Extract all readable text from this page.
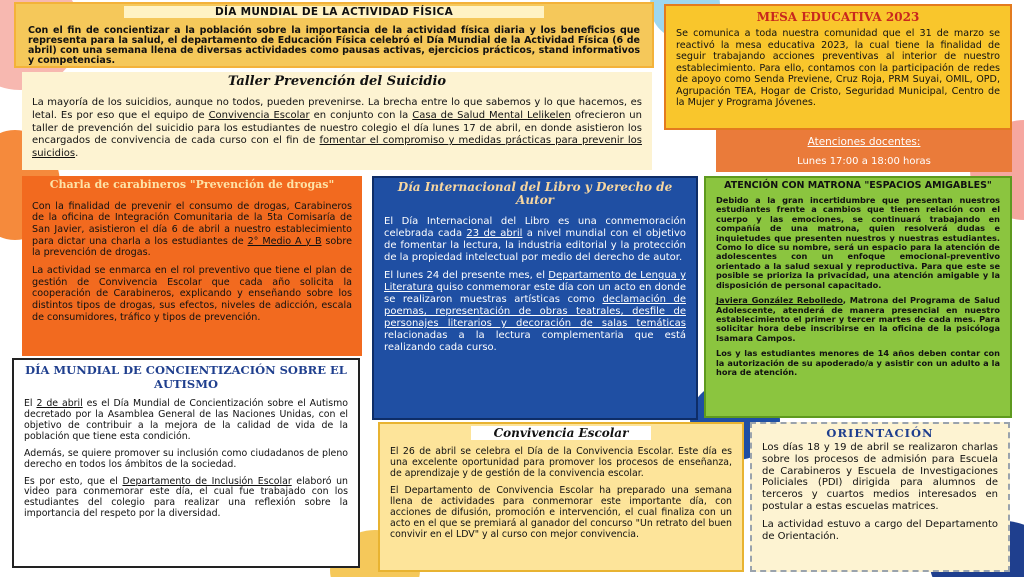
DÍA MUNDIAL DE LA ACTIVIDAD FÍSICA
Con el fin de concientizar a la población sobre la importancia de la actividad física diaria y los beneficios que representa para la salud, el departamento de Educación Física celebró el Día Mundial de la Actividad Física (6 de abril) con una semana llena de diversas actividades como pausas activas, ejercicios prácticos, stand informativos y competencias.
Taller Prevención del Suicidio
La mayoría de los suicidios, aunque no todos, pueden prevenirse. La brecha entre lo que sabemos y lo que hacemos, es letal. Es por eso que el equipo de Convivencia Escolar en conjunto con la Casa de Salud Mental Lelikelen ofrecieron un taller de prevención del suicidio para los estudiantes de nuestro colegio el día lunes 17 de abril, en donde asistieron los encargados de convivencia de cada curso con el fin de fomentar el compromiso y medidas prácticas para prevenir los suicidios.
MESA EDUCATIVA 2023
Se comunica a toda nuestra comunidad que el 31 de marzo se reactivó la mesa educativa 2023, la cual tiene la finalidad de seguir trabajando acciones preventivas al interior de nuestro establecimiento. Para ello, contamos con la participación de redes de apoyo como Senda Previene, Cruz Roja, PRM Suyai, OMIL, OPD, Agrupación TEA, Hogar de Cristo, Seguridad Municipal, Centro de la Mujer y Programa Jóvenes.
Atenciones docentes:
Lunes 17:00 a 18:00 horas
Charla de carabineros "Prevención de drogas"

Con la finalidad de prevenir el consumo de drogas, Carabineros de la oficina de Integración Comunitaria de la 5ta Comisaría de San Javier, asistieron el día 6 de abril a nuestro establecimiento para dictar una charla a los estudiantes de 2° Medio A y B sobre la prevención de drogas.

La actividad se enmarca en el rol preventivo que tiene el plan de gestión de Convivencia Escolar que cada año solicita la cooperación de Carabineros, explicando y enseñando sobre los distintos tipos de drogas, sus efectos, niveles de adicción, escala de consumidores, tráfico y tipos de prevención.

Día Internacional del Libro y Derecho de Autor

El Día Internacional del Libro es una conmemoración celebrada cada 23 de abril a nivel mundial con el objetivo de fomentar la lectura, la industria editorial y la protección de la propiedad intelectual por medio del derecho de autor.

El lunes 24 del presente mes, el Departamento de Lengua y Literatura quiso conmemorar este día con un acto en donde se realizaron muestras artísticas como declamación de poemas, representación de obras teatrales, desfile de personajes literarios y decoración de salas temáticas relacionadas a la lectura complementaria que está realizando cada curso.

ATENCIÓN CON MATRONA "ESPACIOS AMIGABLES"

Debido a la gran incertidumbre que presentan nuestros estudiantes frente a cambios que tienen relación con el cuerpo y las emociones, se continuará trabajando en compañía de una matrona, quien resolverá dudas e inquietudes que presenten nuestros y nuestras estudiantes. Como lo dice su nombre, será un espacio para la atención de adolescentes con un enfoque emocional-preventivo orientado a la salud sexual y reproductiva. Para que este se posible se prioriza la privacidad, una atención amigable y la disposición de personal capacitado.

Javiera González Rebolledo, Matrona del Programa de Salud Adolescente, atenderá de manera presencial en nuestro establecimiento el primer y tercer martes de cada mes. Para solicitar hora debe inscribirse en la oficina de la psicóloga Isamara Campos.

Los y las estudiantes menores de 14 años deben contar con la autorización de su apoderado/a y asistir con un adulto a la hora de atención.

DÍA MUNDIAL DE CONCIENTIZACIÓN SOBRE EL AUTISMO

El 2 de abril es el Día Mundial de Concientización sobre el Autismo decretado por la Asamblea General de las Naciones Unidas, con el objetivo de contribuir a la mejora de la calidad de vida de la población que tiene esta condición.

Además, se quiere promover su inclusión como ciudadanos de pleno derecho en todos los ámbitos de la sociedad.

Es por esto, que el Departamento de Inclusión Escolar elaboró un video para conmemorar este día, el cual fue trabajado con los estudiantes del colegio para realizar una reflexión sobre la importancia del respeto por la diversidad.

Convivencia Escolar

El 26 de abril se celebra el Día de la Convivencia Escolar. Este día es una excelente oportunidad para promover los procesos de enseñanza, de aprendizaje y de gestión de la convivencia escolar.

El Departamento de Convivencia Escolar ha preparado una semana llena de actividades para conmemorar este importante día, con acciones de difusión, promoción e intervención, el cual finaliza con un acto en el que se premiará al ganador del concurso "Un retrato del buen convivir en el LDV" y al curso con mejor convivencia.

ORIENTACIÓN

Los días 18 y 19 de abril se realizaron charlas sobre los procesos de admisión para Escuela de Carabineros y Escuela de Investigaciones Policiales (PDI) dirigida para alumnos de terceros y cuartos medios interesados en postular a estas escuelas matrices.

La actividad estuvo a cargo del Departamento de Orientación.
